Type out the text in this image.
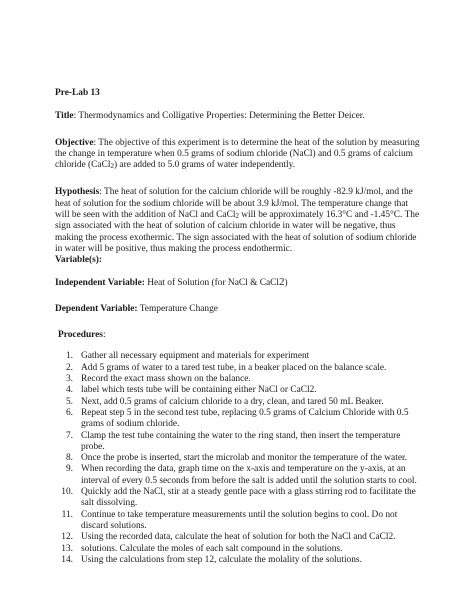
Pre-Lab 13

Title: Thermodynamics and Colligative Properties: Determining the Better Deicer.

Objective: The objective of this experiment is to determine the heat of the solution by measuring the change in temperature when 0.5 grams of sodium chloride (NaCl) and 0.5 grams of calcium chloride (CaCl$_2$) are added to 5.0 grams of water independently.

Hypothesis: The heat of solution for the calcium chloride will be roughly -82.9 kJ/mol, and the heat of solution for the sodium chloride will be about 3.9 kJ/mol. The temperature change that will be seen with the addition of NaCl and CaCl$_2$ will be approximately 16.3°C and -1.45°C. The sign associated with the heat of solution of calcium chloride in water will be negative, thus making the process exothermic. The sign associated with the heat of solution of sodium chloride in water will be positive, thus making the process endothermic.

Variable(s):

Independent Variable: Heat of Solution (for NaCl & CaCl2)

Dependent Variable: Temperature Change

Procedures:

1. Gather all necessary equipment and materials for experiment
2. Add 5 grams of water to a tared test tube, in a beaker placed on the balance scale.
3. Record the exact mass shown on the balance.
4. label which tests tube will be containing either NaCl or CaCl2.
5. Next, add 0.5 grams of calcium chloride to a dry, clean, and tared 50 mL Beaker.
6. Repeat step 5 in the second test tube, replacing 0.5 grams of Calcium Chloride with 0.5 grams of sodium chloride.
7. Clamp the test tube containing the water to the ring stand, then insert the temperature probe.
8. Once the probe is inserted, start the microlab and monitor the temperature of the water.
9. When recording the data, graph time on the x-axis and temperature on the y-axis, at an interval of every 0.5 seconds from before the salt is added until the solution starts to cool.
10. Quickly add the NaCl, stir at a steady gentle pace with a glass stirring rod to facilitate the salt dissolving.
11. Continue to take temperature measurements until the solution begins to cool. Do not discard solutions.
12. Using the recorded data, calculate the heat of solution for both the NaCl and CaCl2.
13. solutions. Calculate the moles of each salt compound in the solutions.
14. Using the calculations from step 12, calculate the molality of the solutions.
